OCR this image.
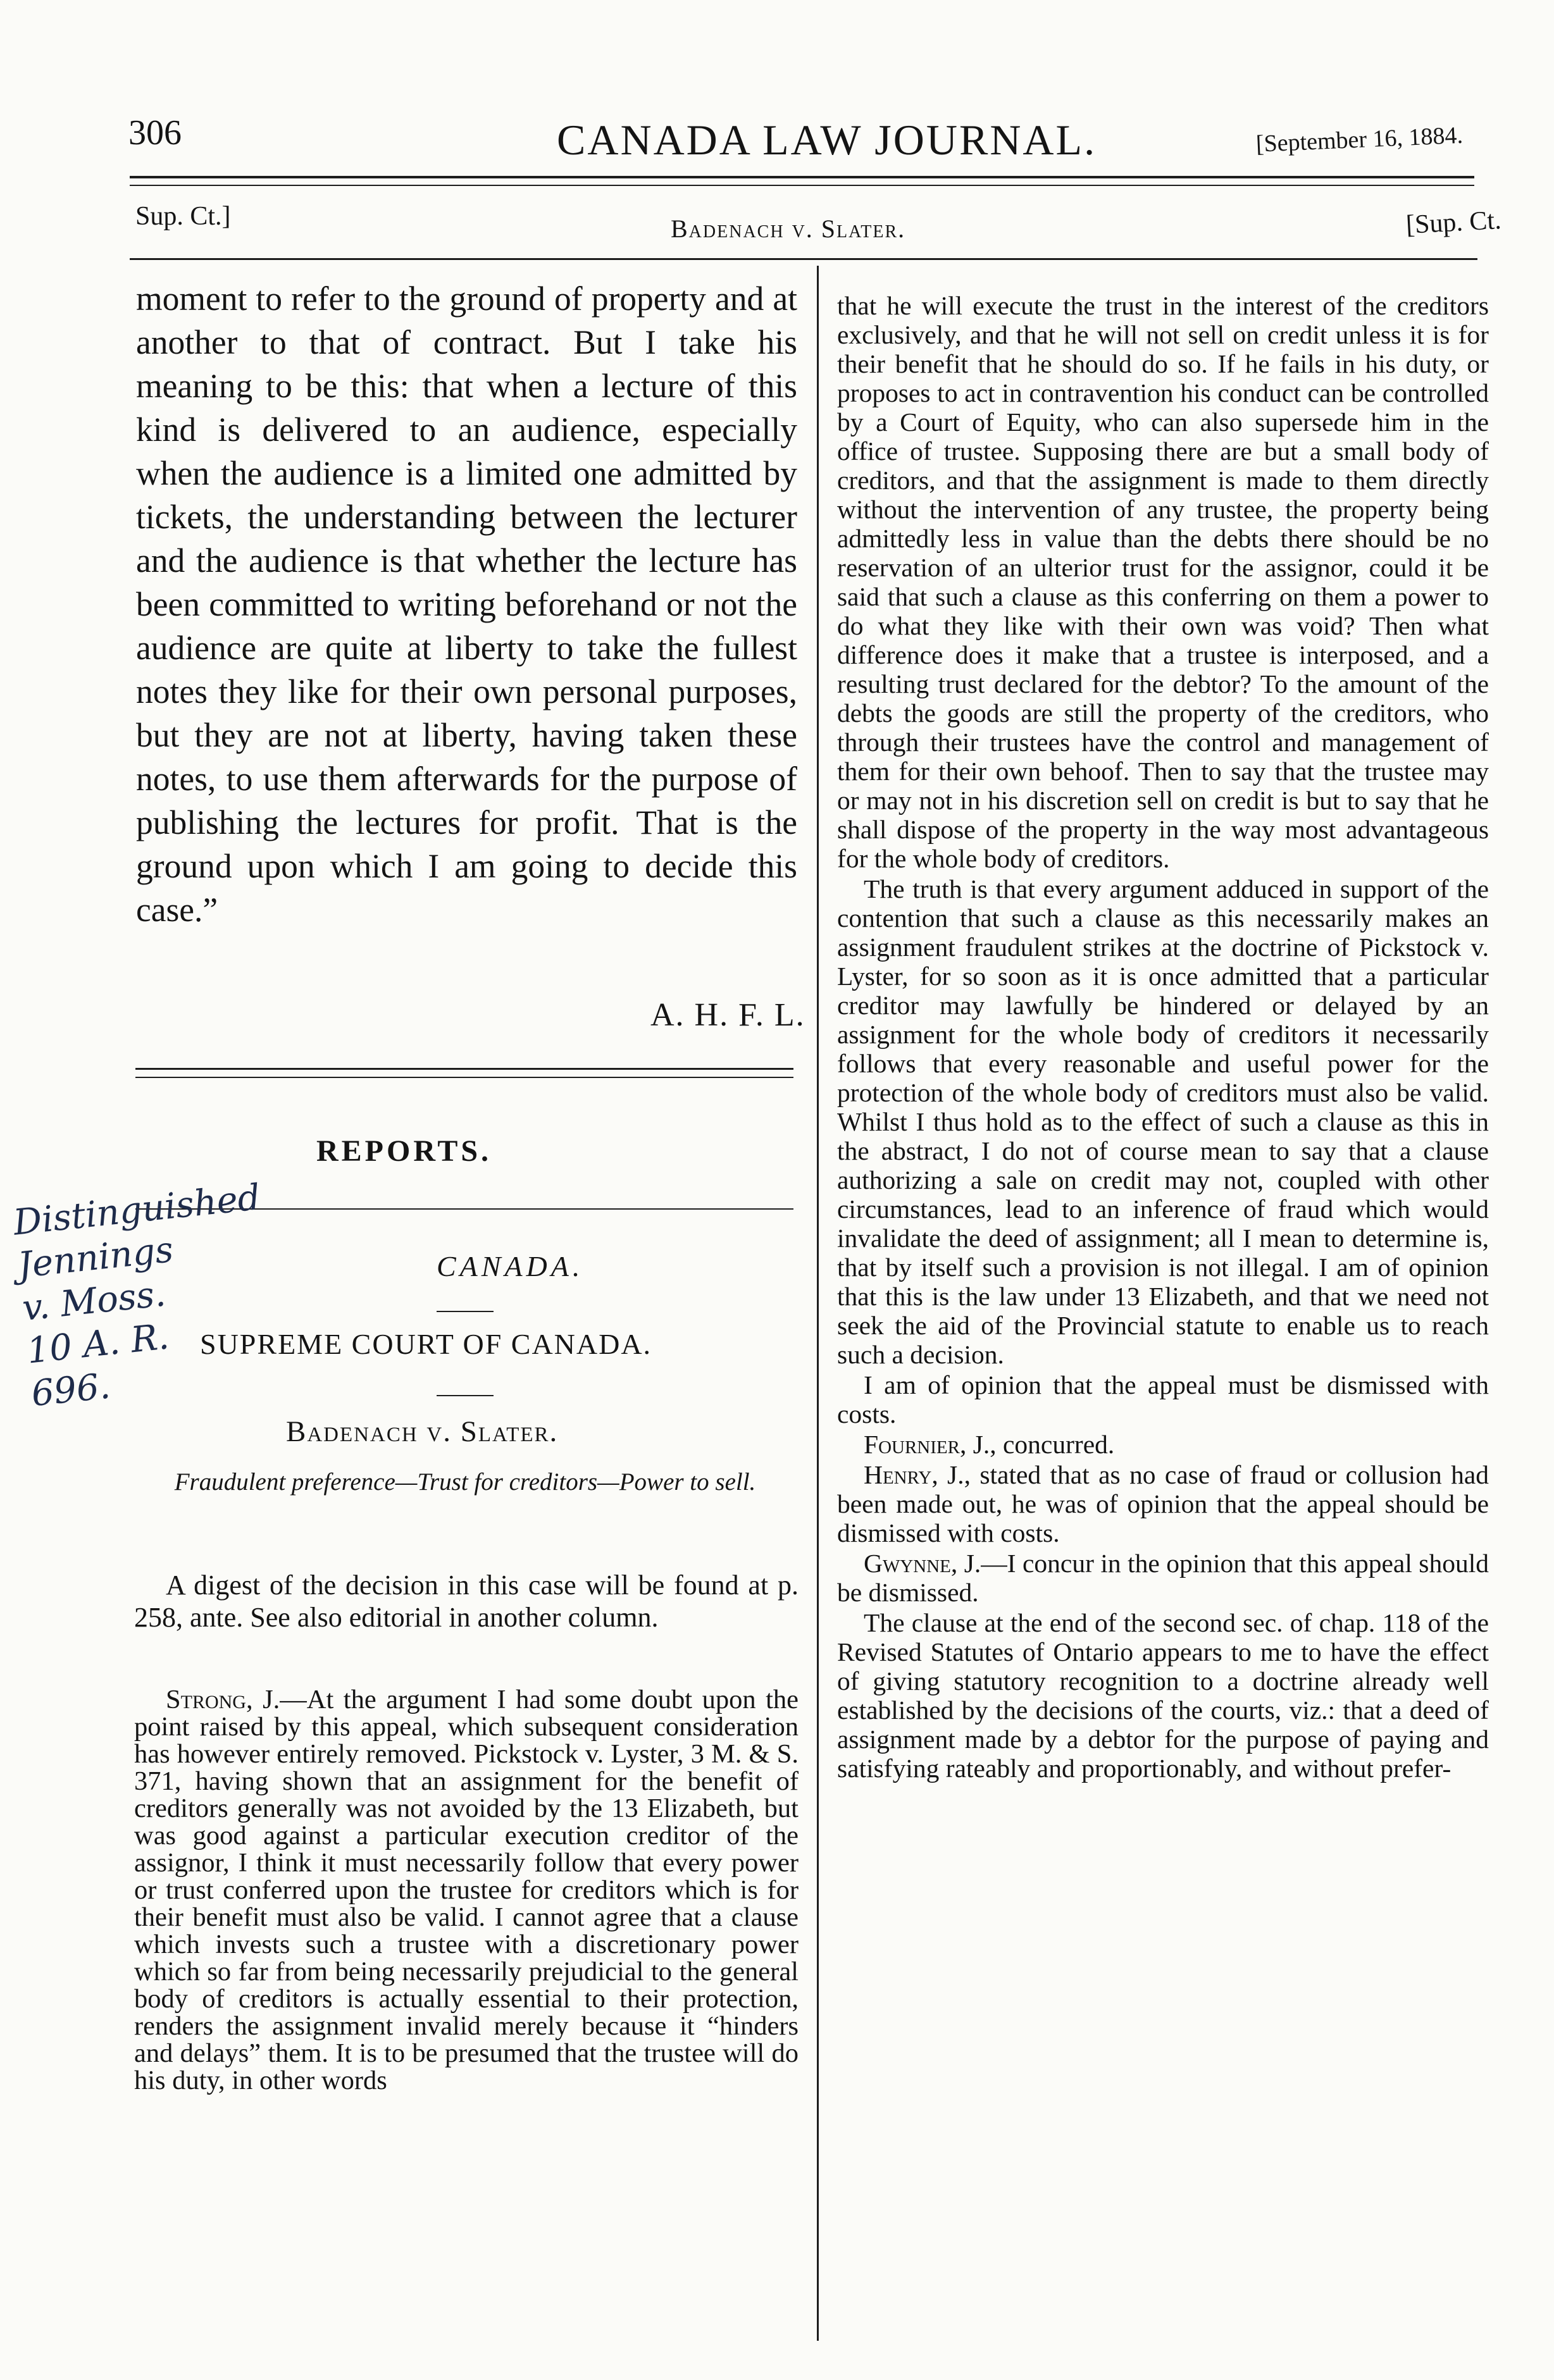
306	CANADA LAW JOURNAL.	[September 16, 1884.
Sup. Ct.]	Badenach v. Slater.	[Sup. Ct.

moment to refer to the ground of property and at another to that of contract. But I take his meaning to be this: that when a lecture of this kind is delivered to an audience, especially when the audience is a limited one admitted by tickets, the understanding between the lecturer and the audience is that whether the lecture has been committed to writing beforehand or not the audience are quite at liberty to take the fullest notes they like for their own personal purposes, but they are not at liberty, having taken these notes, to use them afterwards for the purpose of publishing the lectures for profit. That is the ground upon which I am going to decide this case.”

A. H. F. L.
REPORTS.
CANADA.
SUPREME COURT OF CANADA.
Badenach v. Slater.
Fraudulent preference—Trust for creditors—Power to sell.
A digest of the decision in this case will be found at p. 258, ante. See also editorial in another column.
Strong, J.—At the argument I had some doubt upon the point raised by this appeal, which subsequent consideration has however entirely removed. Pickstock v. Lyster, 3 M. & S. 371, having shown that an assignment for the benefit of creditors generally was not avoided by the 13 Elizabeth, but was good against a particular execution creditor of the assignor, I think it must necessarily follow that every power or trust conferred upon the trustee for creditors which is for their benefit must also be valid. I cannot agree that a clause which invests such a trustee with a discretionary power which so far from being necessarily prejudicial to the general body of creditors is actually essential to their protection, renders the assignment invalid merely because it “hinders and delays” them. It is to be presumed that the trustee will do his duty, in other words

that he will execute the trust in the interest of the creditors exclusively, and that he will not sell on credit unless it is for their benefit that he should do so. If he fails in his duty, or proposes to act in contravention his conduct can be controlled by a Court of Equity, who can also supersede him in the office of trustee. Supposing there are but a small body of creditors, and that the assignment is made to them directly without the intervention of any trustee, the property being admittedly less in value than the debts there should be no reservation of an ulterior trust for the assignor, could it be said that such a clause as this conferring on them a power to do what they like with their own was void? Then what difference does it make that a trustee is interposed, and a resulting trust declared for the debtor? To the amount of the debts the goods are still the property of the creditors, who through their trustees have the control and management of them for their own behoof. Then to say that the trustee may or may not in his discretion sell on credit is but to say that he shall dispose of the property in the way most advantageous for the whole body of creditors.

The truth is that every argument adduced in support of the contention that such a clause as this necessarily makes an assignment fraudulent strikes at the doctrine of Pickstock v. Lyster, for so soon as it is once admitted that a particular creditor may lawfully be hindered or delayed by an assignment for the whole body of creditors it necessarily follows that every reasonable and useful power for the protection of the whole body of creditors must also be valid. Whilst I thus hold as to the effect of such a clause as this in the abstract, I do not of course mean to say that a clause authorizing a sale on credit may not, coupled with other circumstances, lead to an inference of fraud which would invalidate the deed of assignment; all I mean to determine is, that by itself such a provision is not illegal. I am of opinion that this is the law under 13 Elizabeth, and that we need not seek the aid of the Provincial statute to enable us to reach such a decision.

I am of opinion that the appeal must be dismissed with costs.

Fournier, J., concurred.

Henry, J., stated that as no case of fraud or collusion had been made out, he was of opinion that the appeal should be dismissed with costs.

Gwynne, J.—I concur in the opinion that this appeal should be dismissed.

The clause at the end of the second sec. of chap. 118 of the Revised Statutes of Ontario appears to me to have the effect of giving statutory recognition to a doctrine already well established by the decisions of the courts, viz.: that a deed of assignment made by a debtor for the purpose of paying and satisfying rateably and proportionably, and without prefer-

Distinguished
Jennings
v. Moss.
10 A. R.
696.
